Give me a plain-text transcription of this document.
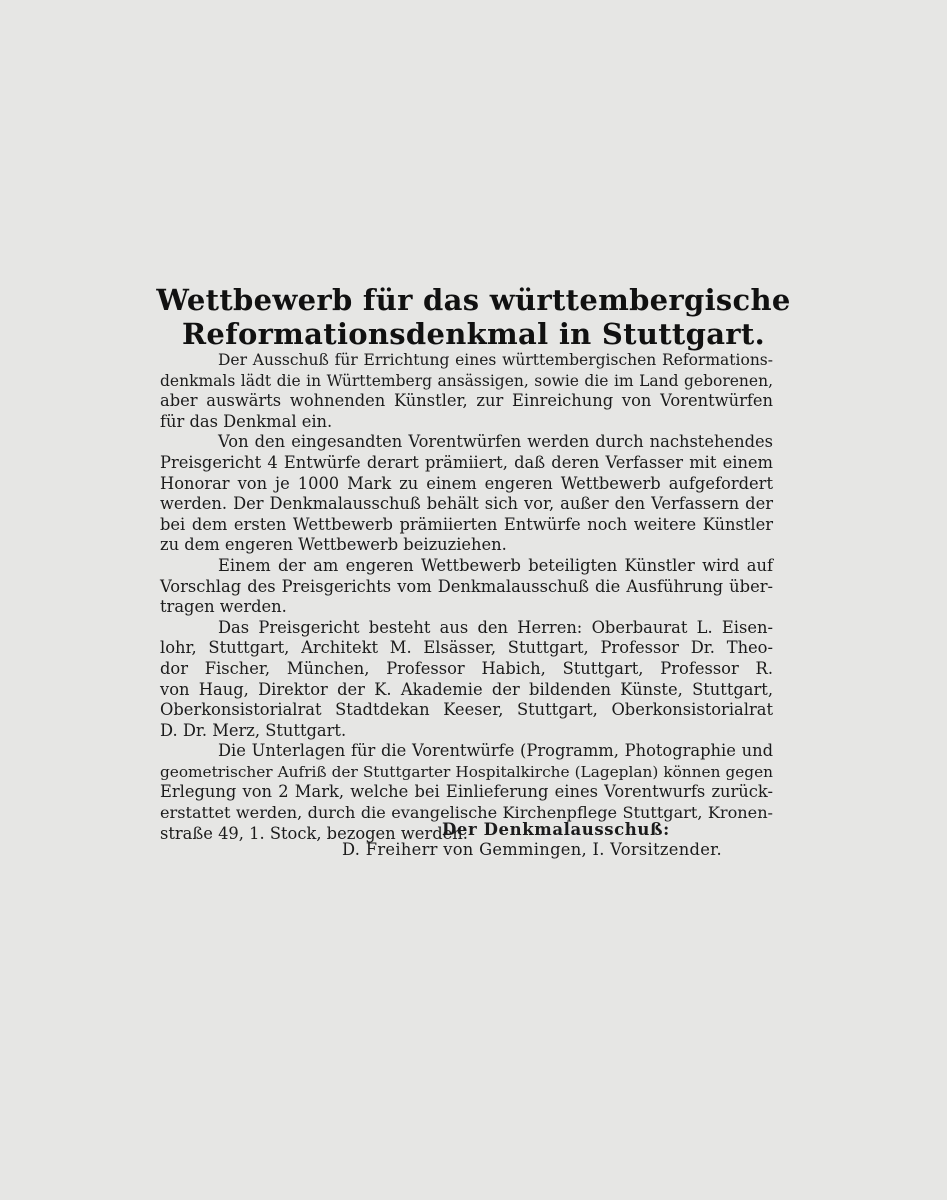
Wettbewerb für das württembergische
Reformationsdenkmal in Stuttgart.
Der Ausschuß für Errichtung eines württembergischen Reformations-
denkmals lädt die in Württemberg ansässigen, sowie die im Land geborenen,
aber auswärts wohnenden Künstler, zur Einreichung von Vorentwürfen
für das Denkmal ein.
Von den eingesandten Vorentwürfen werden durch nachstehendes
Preisgericht 4 Entwürfe derart prämiiert, daß deren Verfasser mit einem
Honorar von je 1000 Mark zu einem engeren Wettbewerb aufgefordert
werden. Der Denkmalausschuß behält sich vor, außer den Verfassern der
bei dem ersten Wettbewerb prämiierten Entwürfe noch weitere Künstler
zu dem engeren Wettbewerb beizuziehen.
Einem der am engeren Wettbewerb beteiligten Künstler wird auf
Vorschlag des Preisgerichts vom Denkmalausschuß die Ausführung über-
tragen werden.
Das Preisgericht besteht aus den Herren: Oberbaurat L. Eisen-
lohr, Stuttgart, Architekt M. Elsässer, Stuttgart, Professor Dr. Theo-
dor Fischer, München, Professor Habich, Stuttgart, Professor R.
von Haug, Direktor der K. Akademie der bildenden Künste, Stuttgart,
Oberkonsistorialrat Stadtdekan Keeser, Stuttgart, Oberkonsistorialrat
D. Dr. Merz, Stuttgart.
Die Unterlagen für die Vorentwürfe (Programm, Photographie und
geometrischer Aufriß der Stuttgarter Hospitalkirche (Lageplan) können gegen
Erlegung von 2 Mark, welche bei Einlieferung eines Vorentwurfs zurück-
erstattet werden, durch die evangelische Kirchenpflege Stuttgart, Kronen-
straße 49, 1. Stock, bezogen werden.
Der Denkmalausschuß:
D. Freiherr von Gemmingen, I. Vorsitzender.
